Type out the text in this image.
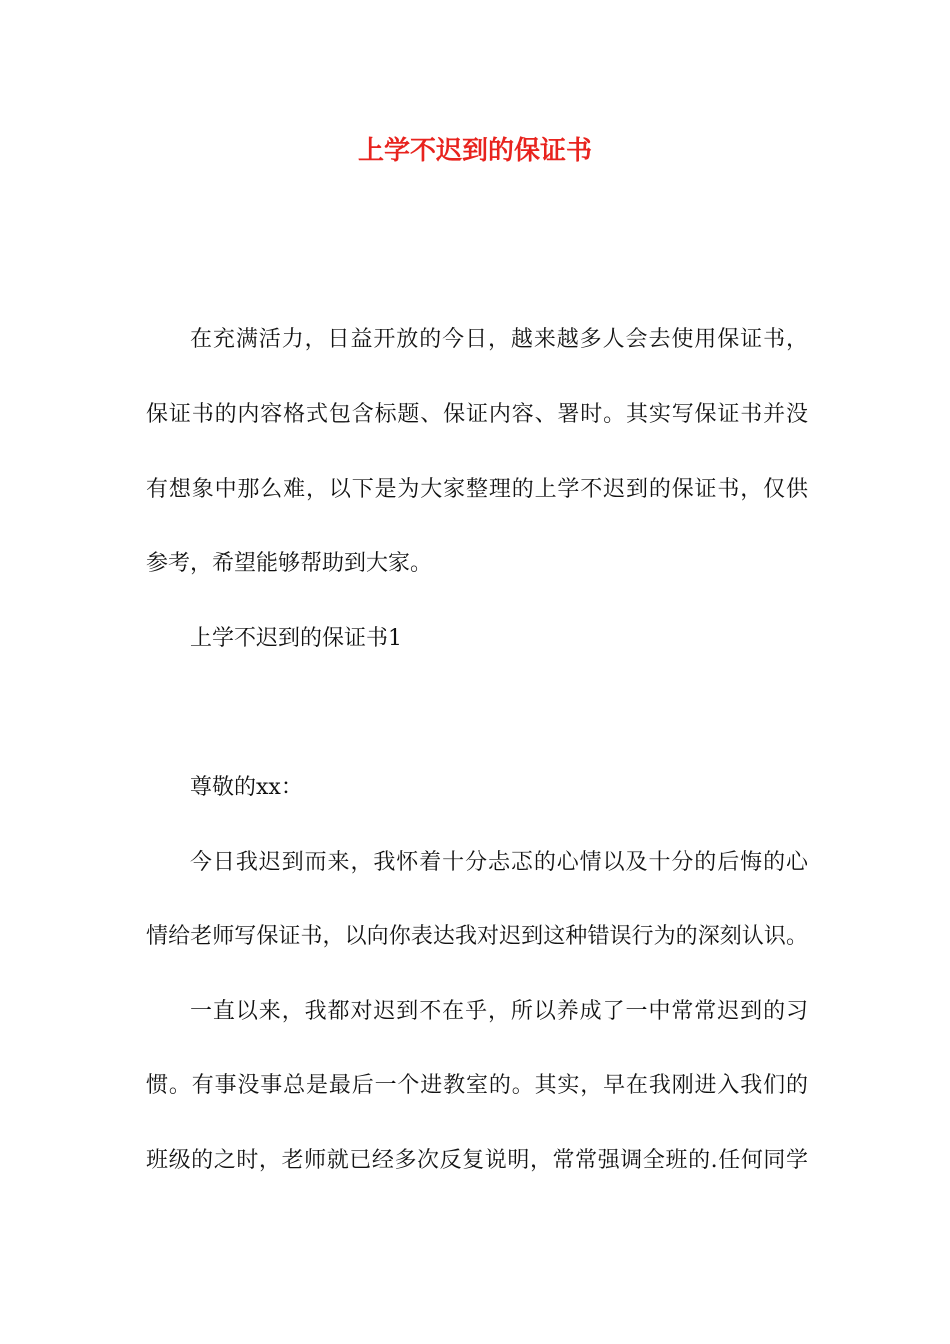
上学不迟到的保证书
在充满活力，日益开放的今日，越来越多人会去使用保证书，
保证书的内容格式包含标题、保证内容、署时。其实写保证书并没
有想象中那么难，以下是为大家整理的上学不迟到的保证书，仅供
参考，希望能够帮助到大家。
上学不迟到的保证书1
尊敬的xx：
今日我迟到而来，我怀着十分忐忑的心情以及十分的后悔的心
情给老师写保证书，以向你表达我对迟到这种错误行为的深刻认识。
一直以来，我都对迟到不在乎，所以养成了一中常常迟到的习
惯。有事没事总是最后一个进教室的。其实，早在我刚进入我们的
班级的之时，老师就已经多次反复说明，常常强调全班的.任何同学
